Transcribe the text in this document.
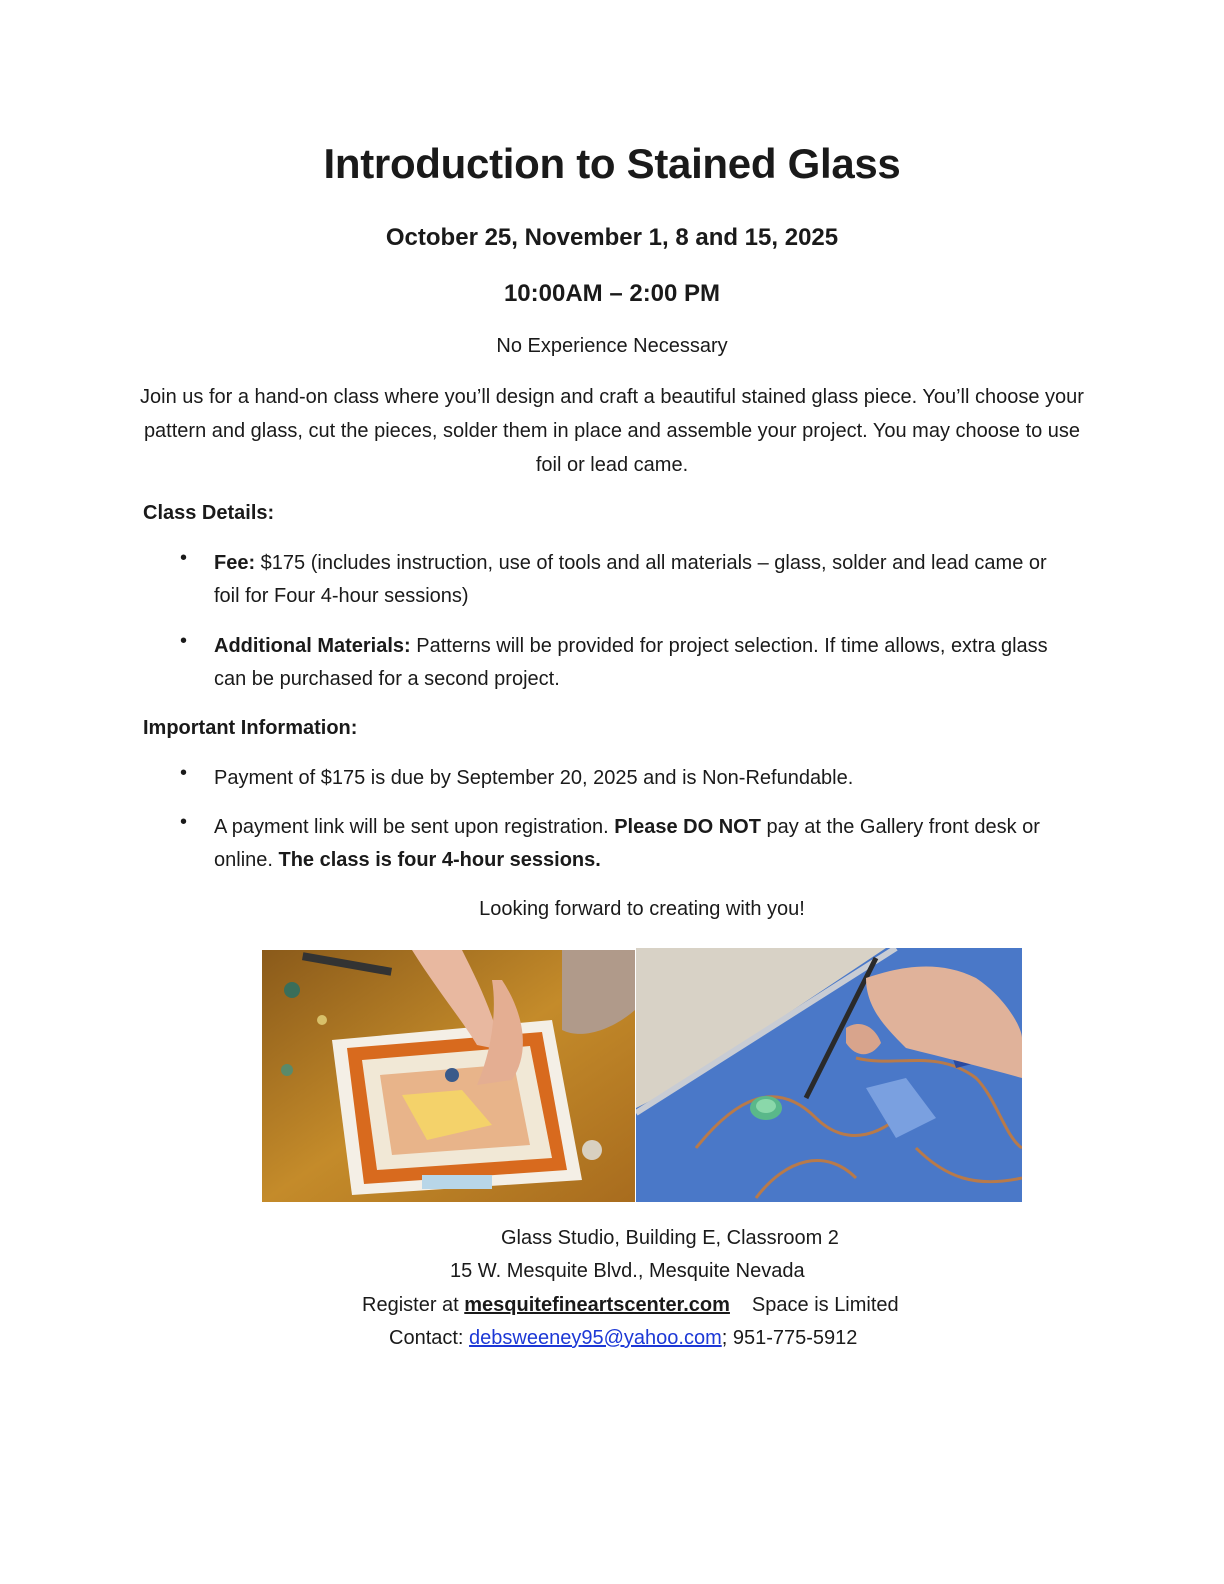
Introduction to Stained Glass
October 25, November 1, 8 and 15, 2025
10:00AM – 2:00 PM
No Experience Necessary
Join us for a hand-on class where you’ll design and craft a beautiful stained glass piece. You’ll choose your pattern and glass, cut the pieces, solder them in place and assemble your project. You may choose to use foil or lead came.
Class Details:
• Fee: $175 (includes instruction, use of tools and all materials – glass, solder and lead came or foil for Four 4-hour sessions)
• Additional Materials: Patterns will be provided for project selection. If time allows, extra glass can be purchased for a second project.
Important Information:
• Payment of $175 is due by September 20, 2025 and is Non-Refundable.
• A payment link will be sent upon registration. Please DO NOT pay at the Gallery front desk or online. The class is four 4-hour sessions.
Looking forward to creating with you!
Glass Studio, Building E, Classroom 2
15 W. Mesquite Blvd., Mesquite Nevada
Register at mesquitefineartscenter.com Space is Limited
Contact: debsweeney95@yahoo.com; 951-775-5912
